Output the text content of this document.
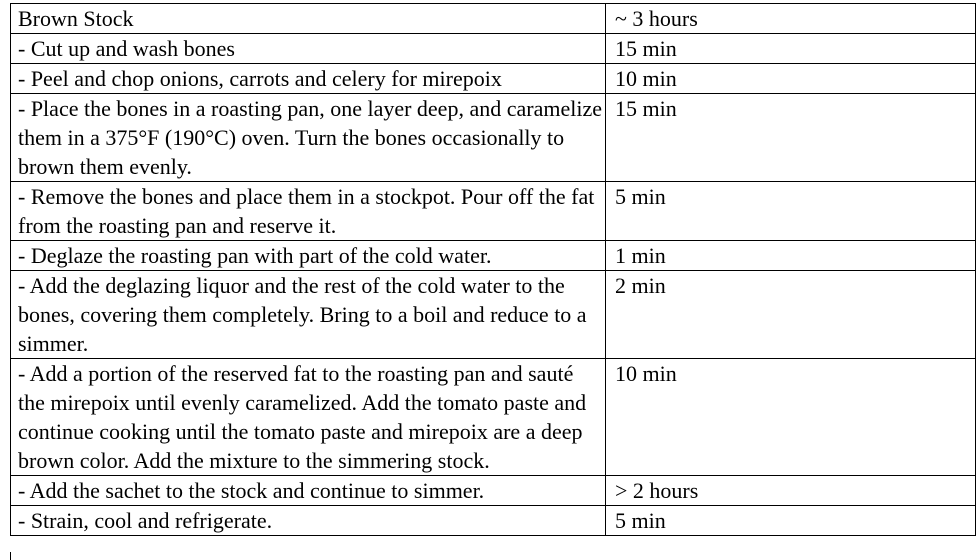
Brown Stock	~ 3 hours
- Cut up and wash bones	15 min
- Peel and chop onions, carrots and celery for mirepoix	10 min
- Place the bones in a roasting pan, one layer deep, and caramelize them in a 375°F (190°C) oven. Turn the bones occasionally to brown them evenly.	15 min
- Remove the bones and place them in a stockpot. Pour off the fat from the roasting pan and reserve it.	5 min
- Deglaze the roasting pan with part of the cold water.	1 min
- Add the deglazing liquor and the rest of the cold water to the bones, covering them completely. Bring to a boil and reduce to a simmer.	2 min
- Add a portion of the reserved fat to the roasting pan and sauté the mirepoix until evenly caramelized. Add the tomato paste and continue cooking until the tomato paste and mirepoix are a deep brown color. Add the mixture to the simmering stock.	10 min
- Add the sachet to the stock and continue to simmer.	> 2 hours
- Strain, cool and refrigerate.	5 min
